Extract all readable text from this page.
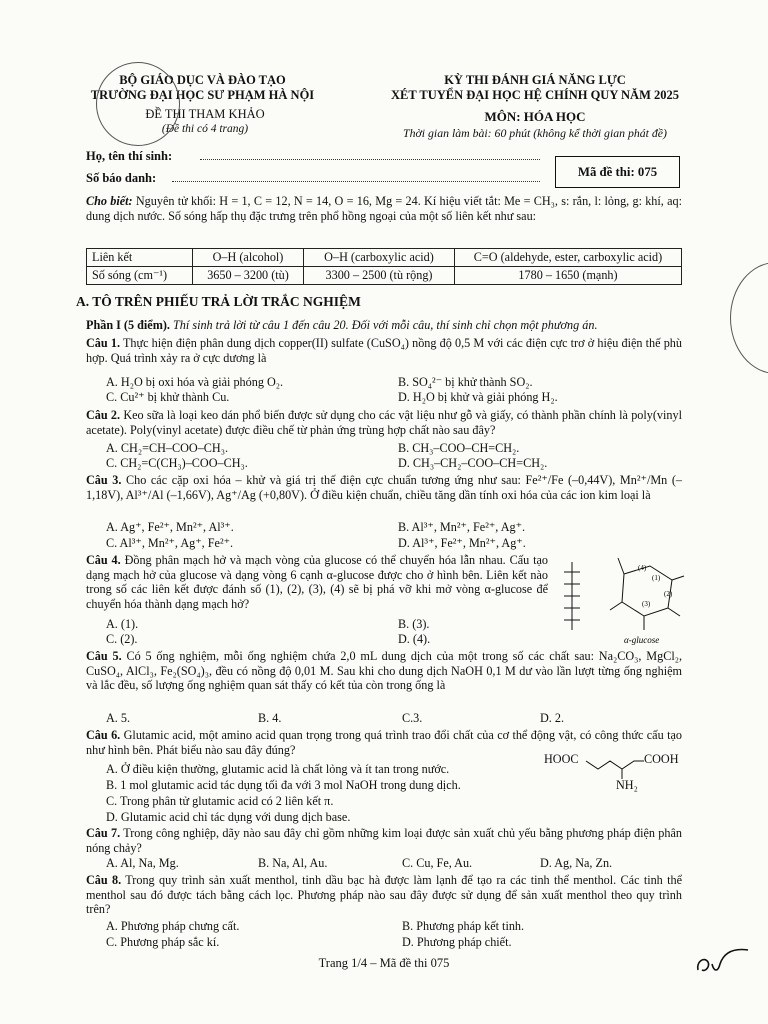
BỘ GIÁO DỤC VÀ ĐÀO TẠO
TRƯỜNG ĐẠI HỌC SƯ PHẠM HÀ NỘI
ĐỀ THI THAM KHẢO
(Đề thi có 4 trang)
KỲ THI ĐÁNH GIÁ NĂNG LỰC
XÉT TUYỂN ĐẠI HỌC HỆ CHÍNH QUY NĂM 2025
MÔN: HÓA HỌC
Thời gian làm bài: 60 phút (không kể thời gian phát đề)
Họ, tên thí sinh:
Số báo danh:	Mã đề thi: 075
Cho biết: Nguyên tử khối: H = 1, C = 12, N = 14, O = 16, Mg = 24. Kí hiệu viết tắt: Me = CH₃, s: rắn, l: lỏng, g: khí, aq: dung dịch nước. Số sóng hấp thụ đặc trưng trên phổ hồng ngoại của một số liên kết như sau:
Liên kết	O–H (alcohol)	O–H (carboxylic acid)	C=O (aldehyde, ester, carboxylic acid)
Số sóng (cm⁻¹)	3650 – 3200 (tù)	3300 – 2500 (tù rộng)	1780 – 1650 (mạnh)
A. TÔ TRÊN PHIẾU TRẢ LỜI TRẮC NGHIỆM
Phần I (5 điểm). Thí sinh trả lời từ câu 1 đến câu 20. Đối với mỗi câu, thí sinh chỉ chọn một phương án.
Câu 1. Thực hiện điện phân dung dịch copper(II) sulfate (CuSO₄) nồng độ 0,5 M với các điện cực trơ ở hiệu điện thế phù hợp. Quá trình xảy ra ở cực dương là
A. H₂O bị oxi hóa và giải phóng O₂.	B. SO₄²⁻ bị khử thành SO₂.
C. Cu²⁺ bị khử thành Cu.	D. H₂O bị khử và giải phóng H₂.
Câu 2. Keo sữa là loại keo dán phổ biến được sử dụng cho các vật liệu như gỗ và giấy, có thành phần chính là poly(vinyl acetate). Poly(vinyl acetate) được điều chế từ phản ứng trùng hợp chất nào sau đây?
A. CH₂=CH–COO–CH₃.	B. CH₃–COO–CH=CH₂.
C. CH₂=C(CH₃)–COO–CH₃.	D. CH₃–CH₂–COO–CH=CH₂.
Câu 3. Cho các cặp oxi hóa – khử và giá trị thế điện cực chuẩn tương ứng như sau: Fe²⁺/Fe (–0,44V), Mn²⁺/Mn (–1,18V), Al³⁺/Al (–1,66V), Ag⁺/Ag (+0,80V). Ở điều kiện chuẩn, chiều tăng dần tính oxi hóa của các ion kim loại là
A. Ag⁺, Fe²⁺, Mn²⁺, Al³⁺.	B. Al³⁺, Mn²⁺, Fe²⁺, Ag⁺.
C. Al³⁺, Mn²⁺, Ag⁺, Fe²⁺.	D. Al³⁺, Fe²⁺, Mn²⁺, Ag⁺.
Câu 4. Đồng phân mạch hở và mạch vòng của glucose có thể chuyển hóa lẫn nhau. Cấu tạo dạng mạch hở của glucose và dạng vòng 6 cạnh α-glucose được cho ở hình bên. Liên kết nào trong số các liên kết được đánh số (1), (2), (3), (4) sẽ bị phá vỡ khi mở vòng α-glucose để chuyển hóa thành dạng mạch hở?
A. (1).	B. (3).
C. (2).	D. (4).
(1)
(2)
(3)
(4)
α-glucose
Câu 5. Có 5 ống nghiệm, mỗi ống nghiệm chứa 2,0 mL dung dịch của một trong số các chất sau: Na₂CO₃, MgCl₂, CuSO₄, AlCl₃, Fe₂(SO₄)₃, đều có nồng độ 0,01 M. Sau khi cho dung dịch NaOH 0,1 M dư vào lần lượt từng ống nghiệm và lắc đều, số lượng ống nghiệm quan sát thấy có kết tủa còn trong ống là
A. 5.	B. 4.	C.3.	D. 2.
Câu 6. Glutamic acid, một amino acid quan trọng trong quá trình trao đổi chất của cơ thể động vật, có công thức cấu tạo như hình bên. Phát biểu nào sau đây đúng?
A. Ở điều kiện thường, glutamic acid là chất lỏng và ít tan trong nước.
B. 1 mol glutamic acid tác dụng tối đa với 3 mol NaOH trong dung dịch.
C. Trong phân tử glutamic acid có 2 liên kết π.
D. Glutamic acid chỉ tác dụng với dung dịch base.
HOOC	COOH
NH₂
Câu 7. Trong công nghiệp, dãy nào sau đây chỉ gồm những kim loại được sản xuất chủ yếu bằng phương pháp điện phân nóng chảy?
A. Al, Na, Mg.	B. Na, Al, Au.	C. Cu, Fe, Au.	D. Ag, Na, Zn.
Câu 8. Trong quy trình sản xuất menthol, tinh dầu bạc hà được làm lạnh để tạo ra các tinh thể menthol. Các tinh thể menthol sau đó được tách bằng cách lọc. Phương pháp nào sau đây được sử dụng để sản xuất menthol theo quy trình trên?
A. Phương pháp chưng cất.	B. Phương pháp kết tinh.
C. Phương pháp sắc kí.	D. Phương pháp chiết.
Trang 1/4 – Mã đề thi 075
